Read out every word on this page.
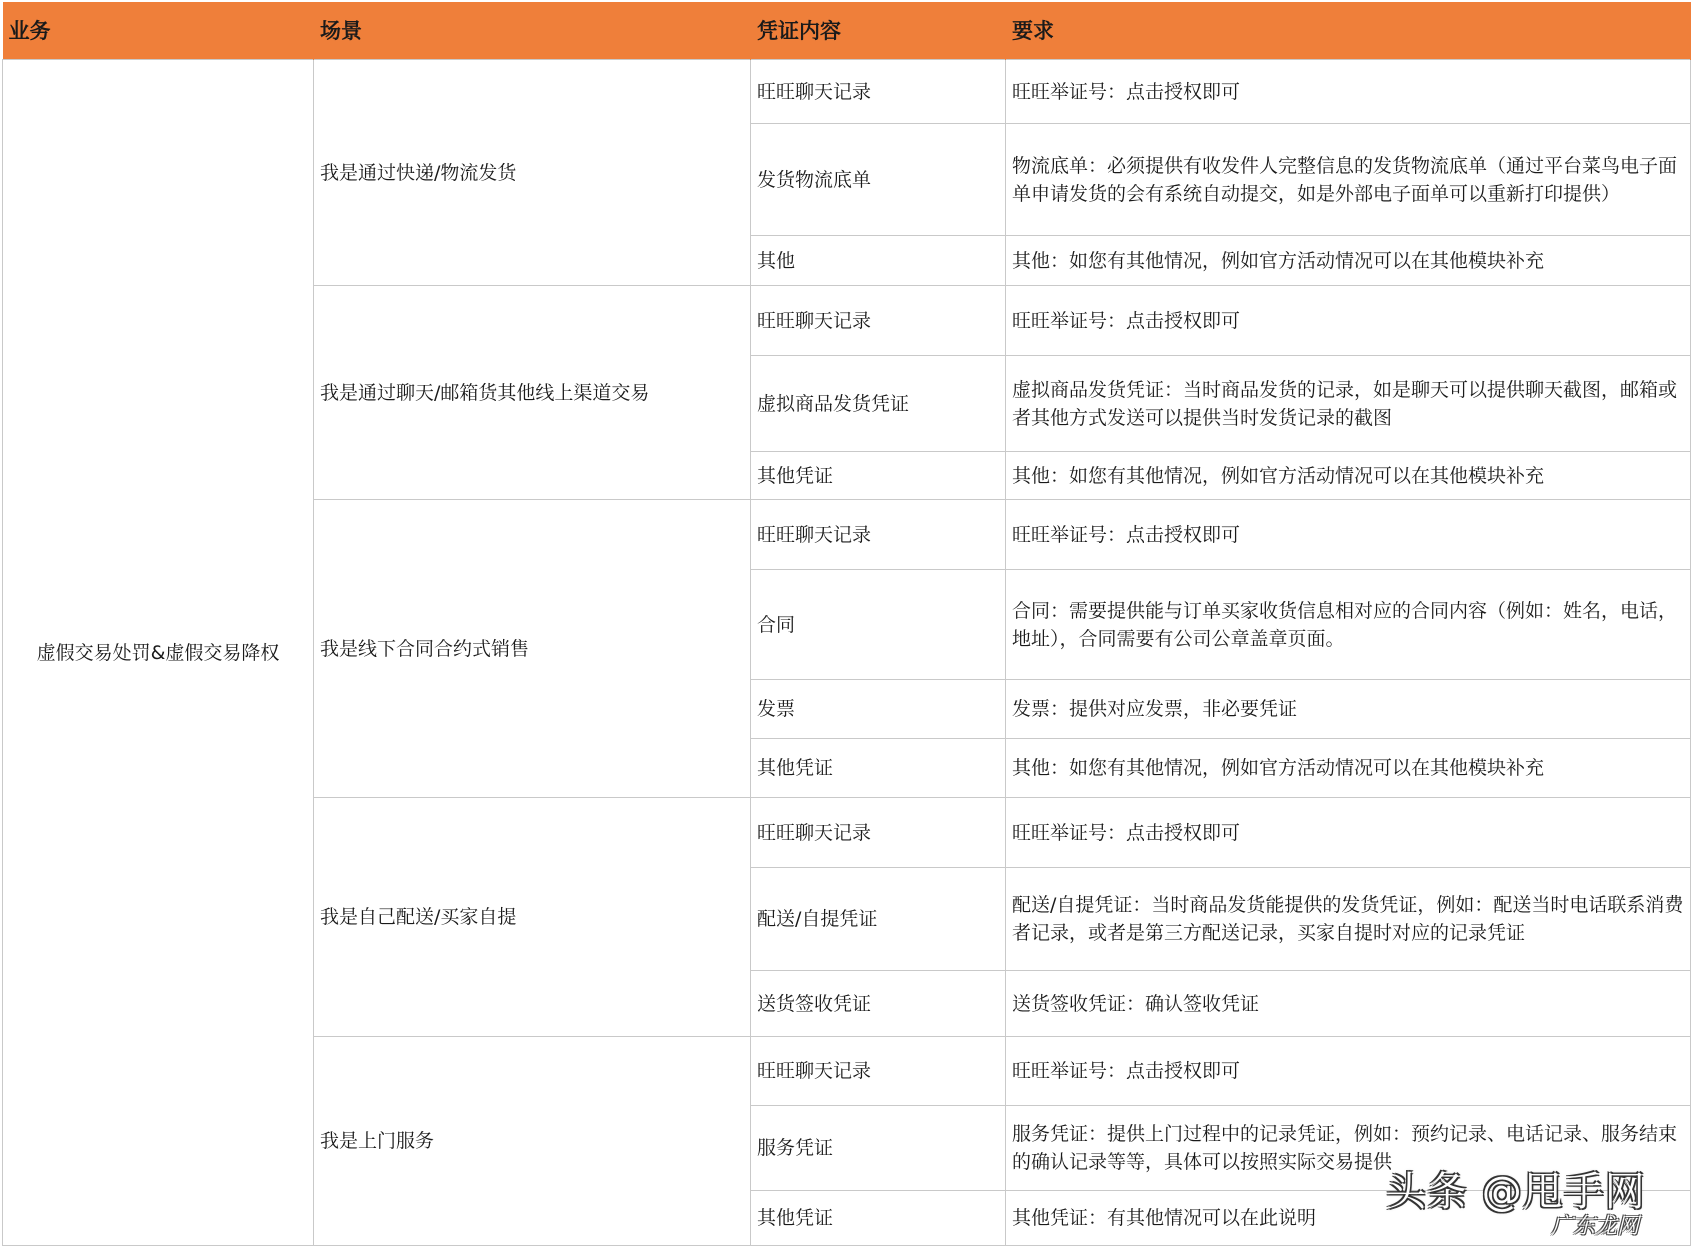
业务	场景	凭证内容	要求
虚假交易处罚&虚假交易降权	我是通过快递/物流发货	旺旺聊天记录	旺旺举证号：点击授权即可
		发货物流底单	物流底单：必须提供有收发件人完整信息的发货物流底单（通过平台菜鸟电子面单申请发货的会有系统自动提交，如是外部电子面单可以重新打印提供）
		其他	其他：如您有其他情况，例如官方活动情况可以在其他模块补充
	我是通过聊天/邮箱货其他线上渠道交易	旺旺聊天记录	旺旺举证号：点击授权即可
		虚拟商品发货凭证	虚拟商品发货凭证：当时商品发货的记录，如是聊天可以提供聊天截图，邮箱或者其他方式发送可以提供当时发货记录的截图
		其他凭证	其他：如您有其他情况，例如官方活动情况可以在其他模块补充
	我是线下合同合约式销售	旺旺聊天记录	旺旺举证号：点击授权即可
		合同	合同：需要提供能与订单买家收货信息相对应的合同内容（例如：姓名，电话，地址），合同需要有公司公章盖章页面。
		发票	发票：提供对应发票，非必要凭证
		其他凭证	其他：如您有其他情况，例如官方活动情况可以在其他模块补充
	我是自己配送/买家自提	旺旺聊天记录	旺旺举证号：点击授权即可
		配送/自提凭证	配送/自提凭证：当时商品发货能提供的发货凭证，例如：配送当时电话联系消费者记录，或者是第三方配送记录，买家自提时对应的记录凭证
		送货签收凭证	送货签收凭证：确认签收凭证
	我是上门服务	旺旺聊天记录	旺旺举证号：点击授权即可
		服务凭证	服务凭证：提供上门过程中的记录凭证，例如：预约记录、电话记录、服务结束的确认记录等等，具体可以按照实际交易提供
		其他凭证	其他凭证：有其他情况可以在此说明
头条 @甩手网
广东龙网
